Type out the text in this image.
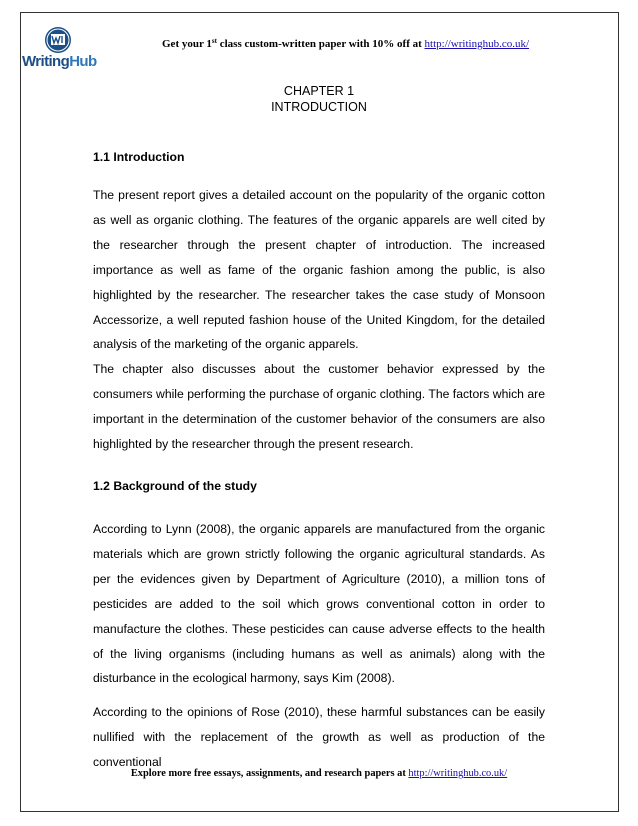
WritingHub
Get your 1st class custom-written paper with 10% off at http://writinghub.co.uk/
CHAPTER 1
INTRODUCTION

1.1 Introduction

The present report gives a detailed account on the popularity of the organic cotton as well as organic clothing. The features of the organic apparels are well cited by the researcher through the present chapter of introduction. The increased importance as well as fame of the organic fashion among the public, is also highlighted by the researcher. The researcher takes the case study of Monsoon Accessorize, a well reputed fashion house of the United Kingdom, for the detailed analysis of the marketing of the organic apparels.

The chapter also discusses about the customer behavior expressed by the consumers while performing the purchase of organic clothing. The factors which are important in the determination of the customer behavior of the consumers are also highlighted by the researcher through the present research.

1.2 Background of the study

According to Lynn (2008), the organic apparels are manufactured from the organic materials which are grown strictly following the organic agricultural standards. As per the evidences given by Department of Agriculture (2010), a million tons of pesticides are added to the soil which grows conventional cotton in order to manufacture the clothes. These pesticides can cause adverse effects to the health of the living organisms (including humans as well as animals) along with the disturbance in the ecological harmony, says Kim (2008).

According to the opinions of Rose (2010), these harmful substances can be easily nullified with the replacement of the growth as well as production of the conventional

Explore more free essays, assignments, and research papers at http://writinghub.co.uk/
